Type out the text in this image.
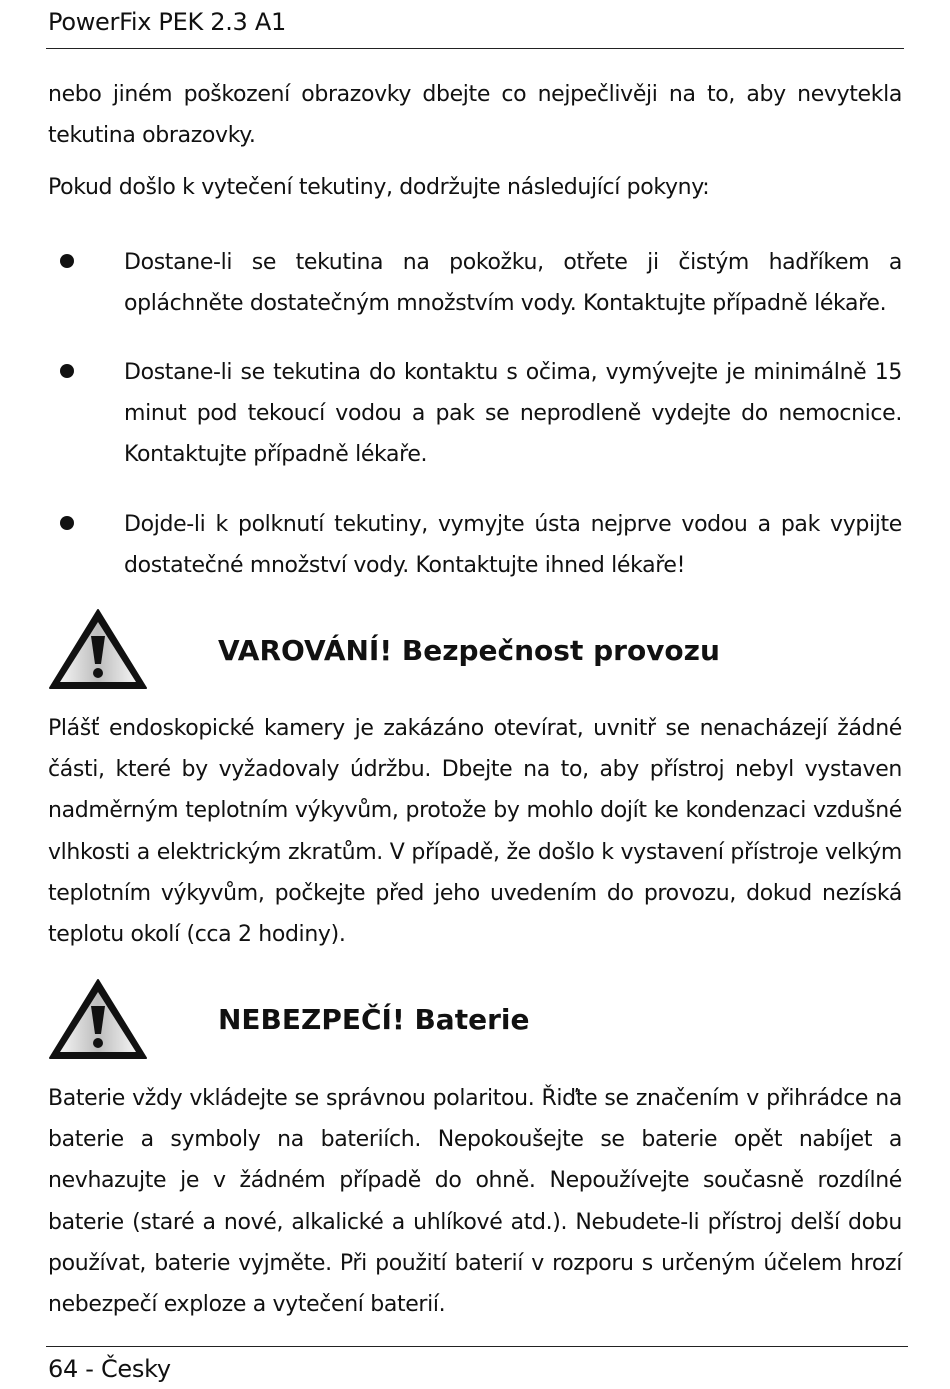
PowerFix PEK 2.3 A1

nebo jiném poškození obrazovky dbejte co nejpečlivěji na to, aby nevytekla tekutina obrazovky.

Pokud došlo k vytečení tekutiny, dodržujte následující pokyny:

Dostane-li se tekutina na pokožku, otřete ji čistým hadříkem a opláchněte dostatečným množstvím vody. Kontaktujte případně lékaře.

Dostane-li se tekutina do kontaktu s očima, vymývejte je minimálně 15 minut pod tekoucí vodou a pak se neprodleně vydejte do nemocnice. Kontaktujte případně lékaře.

Dojde-li k polknutí tekutiny, vymyjte ústa nejprve vodou a pak vypijte dostatečné množství vody. Kontaktujte ihned lékaře!

VAROVÁNÍ! Bezpečnost provozu

Plášť endoskopické kamery je zakázáno otevírat, uvnitř se nenacházejí žádné části, které by vyžadovaly údržbu. Dbejte na to, aby přístroj nebyl vystaven nadměrným teplotním výkyvům, protože by mohlo dojít ke kondenzaci vzdušné vlhkosti a elektrickým zkratům. V případě, že došlo k vystavení přístroje velkým teplotním výkyvům, počkejte před jeho uvedením do provozu, dokud nezíská teplotu okolí (cca 2 hodiny).

NEBEZPEČÍ! Baterie

Baterie vždy vkládejte se správnou polaritou. Řiďte se značením v přihrádce na baterie a symboly na bateriích. Nepokoušejte se baterie opět nabíjet a nevhazujte je v žádném případě do ohně. Nepoužívejte současně rozdílné baterie (staré a nové, alkalické a uhlíkové atd.). Nebudete-li přístroj delší dobu používat, baterie vyjměte. Při použití baterií v rozporu s určeným účelem hrozí nebezpečí exploze a vytečení baterií.

64 - Česky
